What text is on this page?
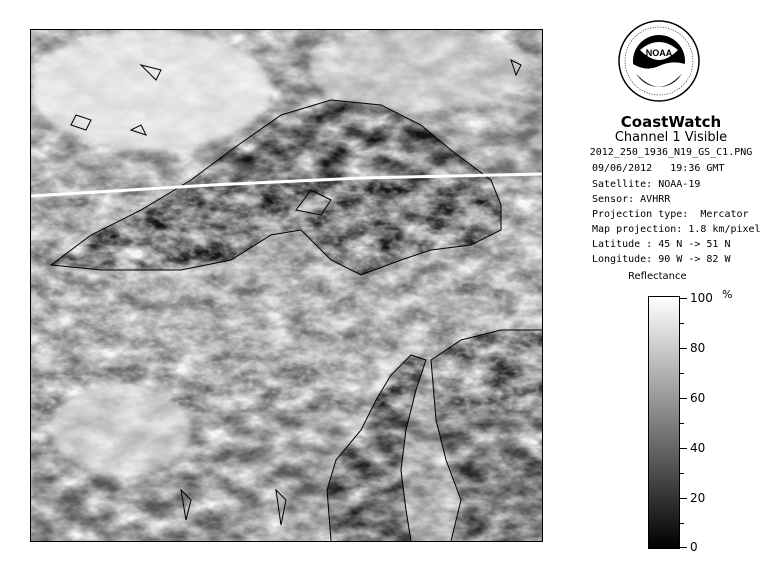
NOAA
CoastWatch
Channel 1 Visible
2012_250_1936_N19_GS_C1.PNG
09/06/2012   19:36 GMT
Satellite: NOAA-19
Sensor: AVHRR
Projection type:  Mercator
Map projection: 1.8 km/pixel
Latitude : 45 N -> 51 N
Longitude: 90 W -> 82 W
Reflectance
%
100
80
60
40
20
0
